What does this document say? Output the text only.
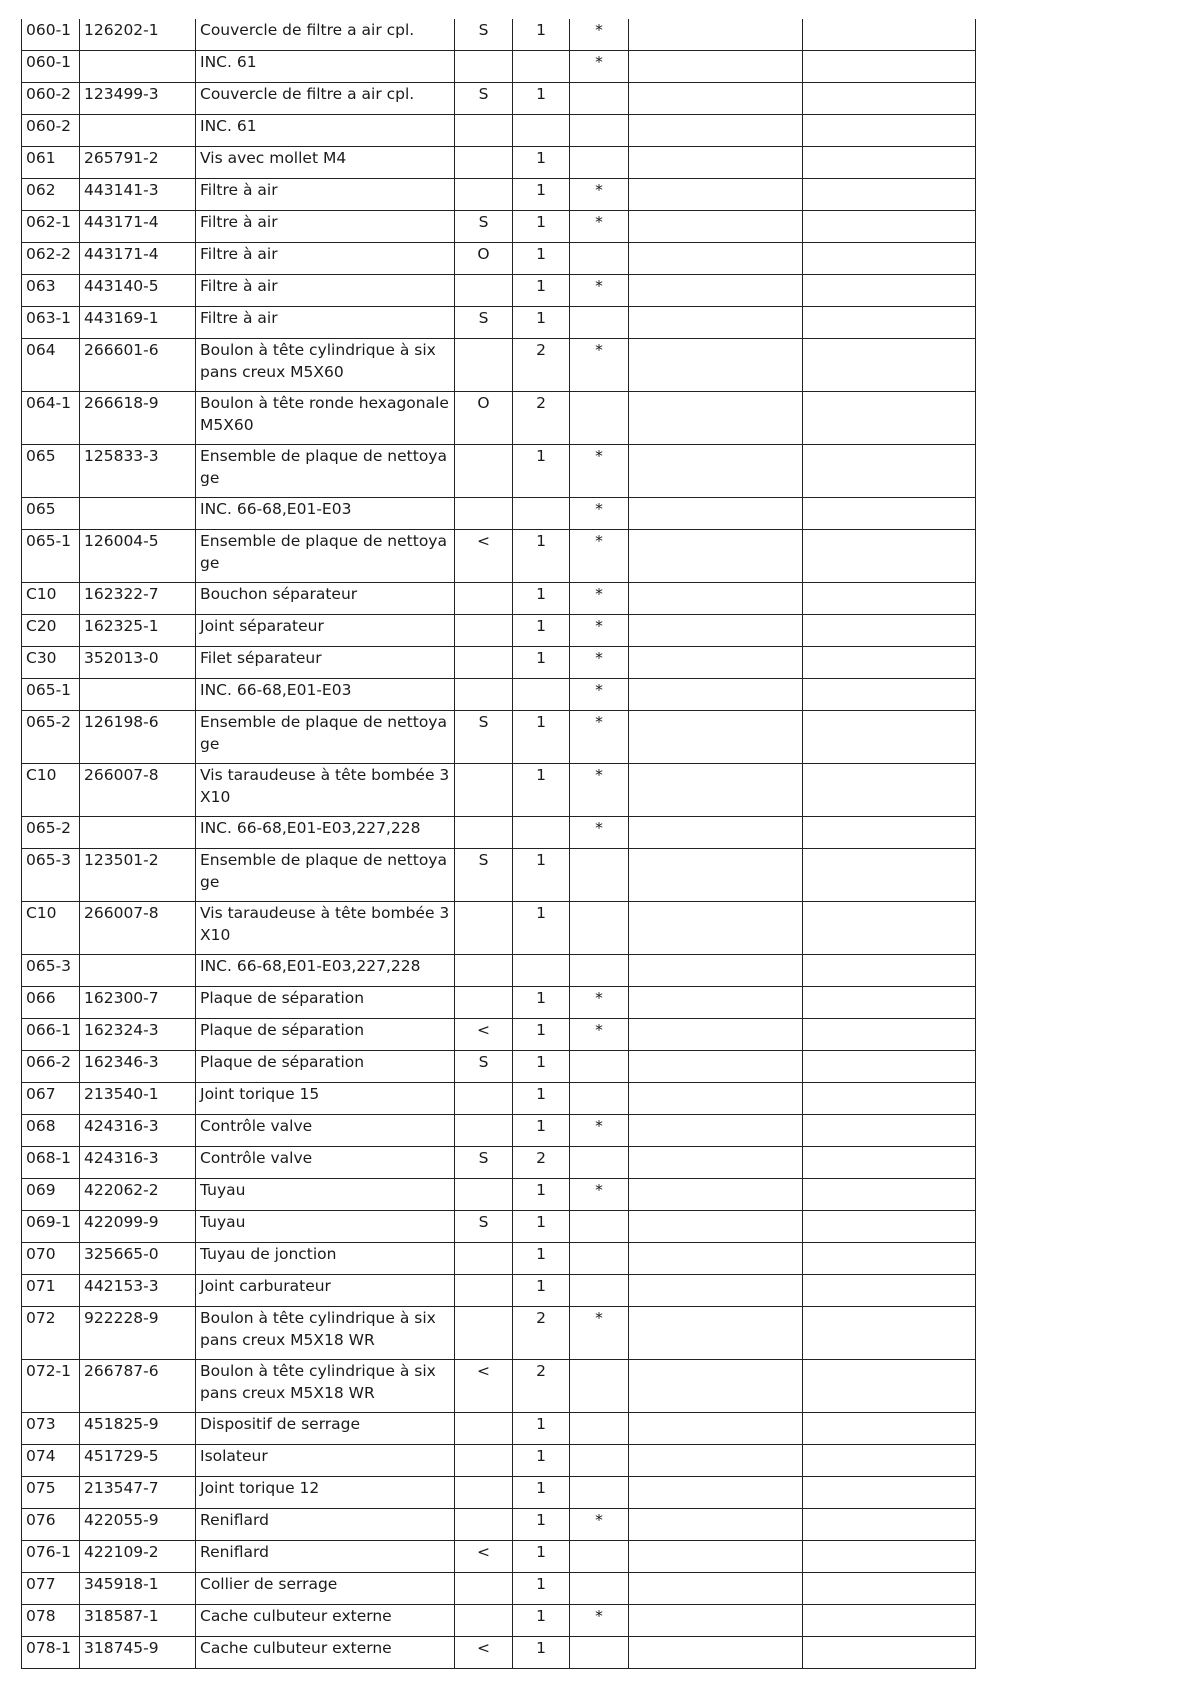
060-1	126202-1	Couvercle de filtre a air cpl.	S	1	*		

060-1		INC. 61			*		

060-2	123499-3	Couvercle de filtre a air cpl.	S	1			

060-2		INC. 61					

061	265791-2	Vis avec mollet M4		1			

062	443141-3	Filtre à air		1	*		

062-1	443171-4	Filtre à air	S	1	*		

062-2	443171-4	Filtre à air	O	1			

063	443140-5	Filtre à air		1	*		

063-1	443169-1	Filtre à air	S	1			

064	266601-6	Boulon à tête cylindrique à six pans creux M5X60		2	*		

064-1	266618-9	Boulon à tête ronde hexagonale M5X60	O	2			

065	125833-3	Ensemble de plaque de nettoyage		1	*		

065		INC. 66-68,E01-E03			*		

065-1	126004-5	Ensemble de plaque de nettoyage	<	1	*		

C10	162322-7	Bouchon séparateur		1	*		

C20	162325-1	Joint séparateur		1	*		

C30	352013-0	Filet séparateur		1	*		

065-1		INC. 66-68,E01-E03			*		

065-2	126198-6	Ensemble de plaque de nettoyage	S	1	*		

C10	266007-8	Vis taraudeuse à tête bombée 3X10		1	*		

065-2		INC. 66-68,E01-E03,227,228			*		

065-3	123501-2	Ensemble de plaque de nettoyage	S	1			

C10	266007-8	Vis taraudeuse à tête bombée 3X10		1			

065-3		INC. 66-68,E01-E03,227,228					

066	162300-7	Plaque de séparation		1	*		

066-1	162324-3	Plaque de séparation	<	1	*		

066-2	162346-3	Plaque de séparation	S	1			

067	213540-1	Joint torique 15		1			

068	424316-3	Contrôle valve		1	*		

068-1	424316-3	Contrôle valve	S	2			

069	422062-2	Tuyau		1	*		

069-1	422099-9	Tuyau	S	1			

070	325665-0	Tuyau de jonction		1			

071	442153-3	Joint carburateur		1			

072	922228-9	Boulon à tête cylindrique à six pans creux M5X18 WR		2	*		

072-1	266787-6	Boulon à tête cylindrique à six pans creux M5X18 WR	<	2			

073	451825-9	Dispositif de serrage		1			

074	451729-5	Isolateur		1			

075	213547-7	Joint torique 12		1			

076	422055-9	Reniflard		1	*		

076-1	422109-2	Reniflard	<	1			

077	345918-1	Collier de serrage		1			

078	318587-1	Cache culbuteur externe		1	*		

078-1	318745-9	Cache culbuteur externe	<	1			
